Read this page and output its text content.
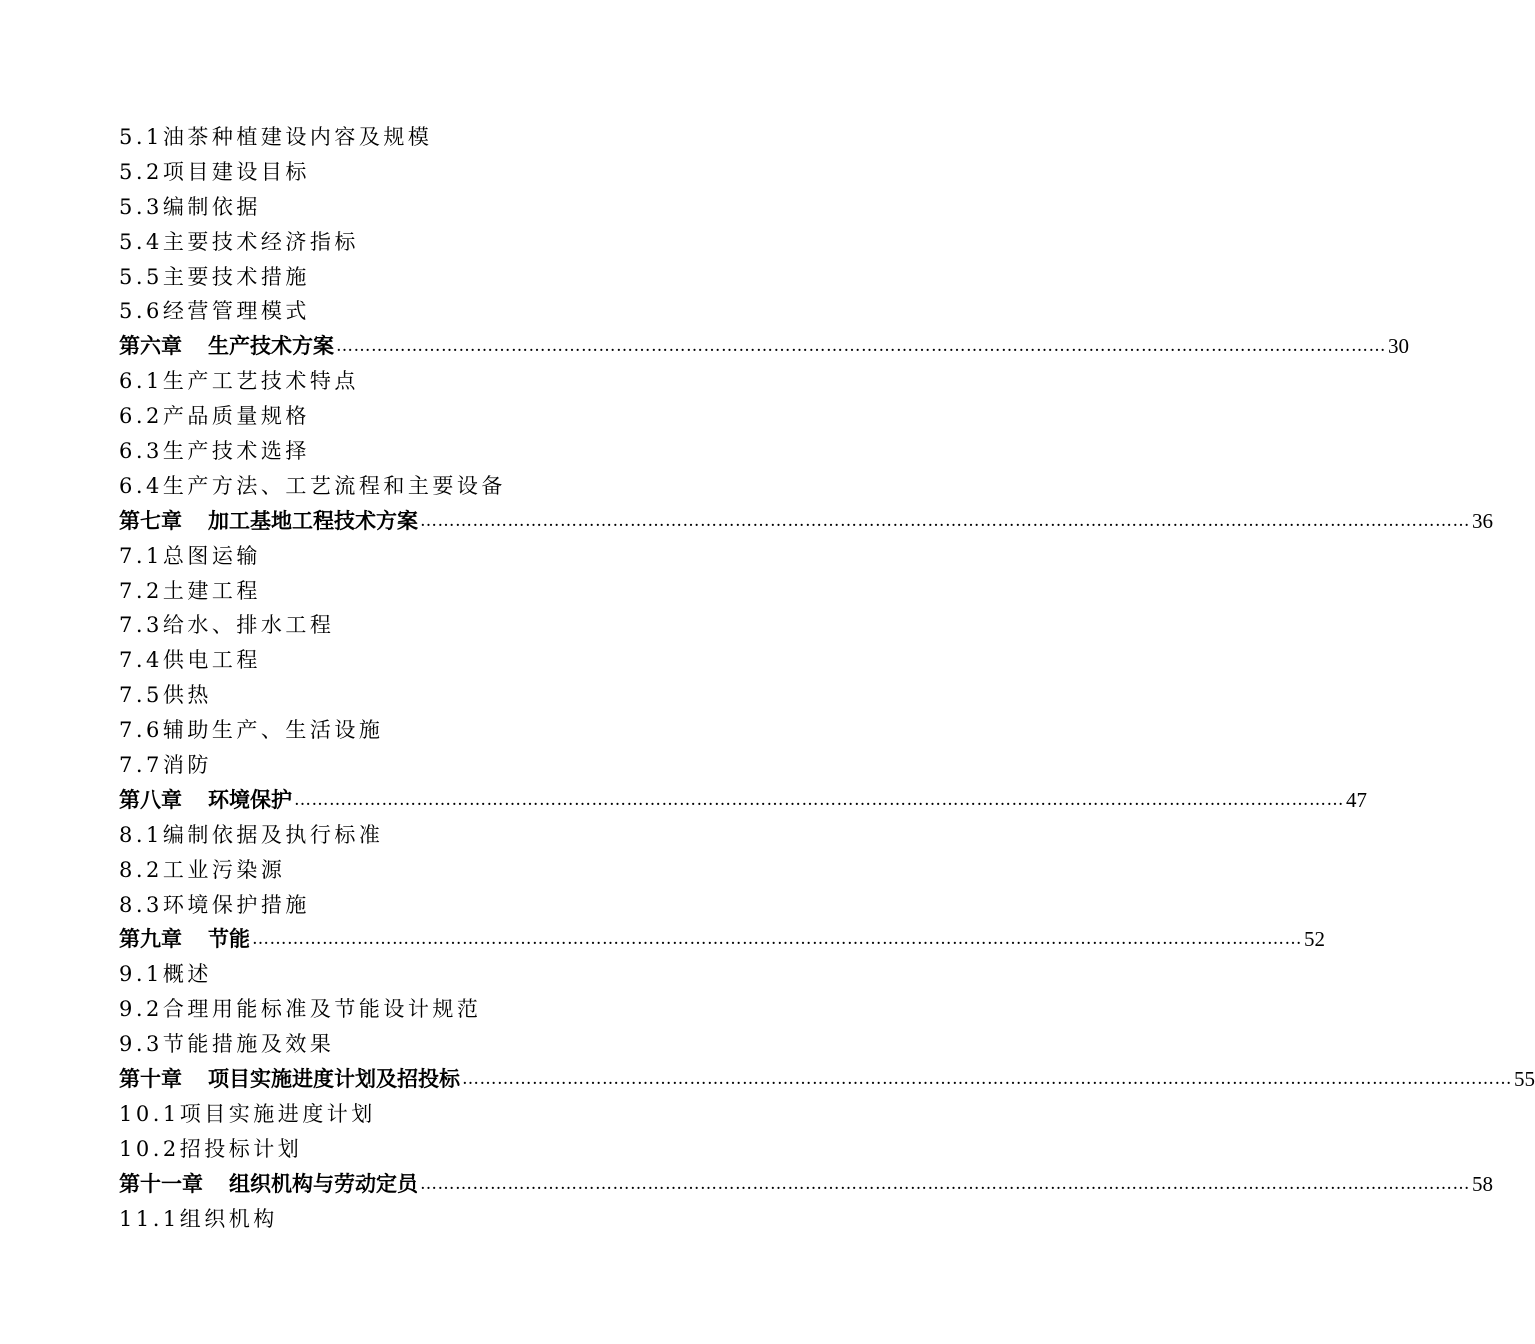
5.1油茶种植建设内容及规模
5.2项目建设目标
5.3编制依据
5.4主要技术经济指标
5.5主要技术措施
5.6经营管理模式
第六章 生产技术方案 ……………………………………………………………………………………………………………………………………………………………… 30
6.1生产工艺技术特点
6.2产品质量规格
6.3生产技术选择
6.4生产方法、工艺流程和主要设备
第七章 加工基地工程技术方案 ……………………………………………………………………………………………………………………………………………………………… 36
7.1总图运输
7.2土建工程
7.3给水、排水工程
7.4供电工程
7.5供热
7.6辅助生产、生活设施
7.7消防
第八章 环境保护 ……………………………………………………………………………………………………………………………………………………………… 47
8.1编制依据及执行标准
8.2工业污染源
8.3环境保护措施
第九章 节能 ……………………………………………………………………………………………………………………………………………………………… 52
9.1概述
9.2合理用能标准及节能设计规范
9.3节能措施及效果
第十章 项目实施进度计划及招投标 ……………………………………………………………………………………………………………………………………………………………… 55
10.1项目实施进度计划
10.2招投标计划
第十一章 组织机构与劳动定员 ……………………………………………………………………………………………………………………………………………………………… 58
11.1组织机构
